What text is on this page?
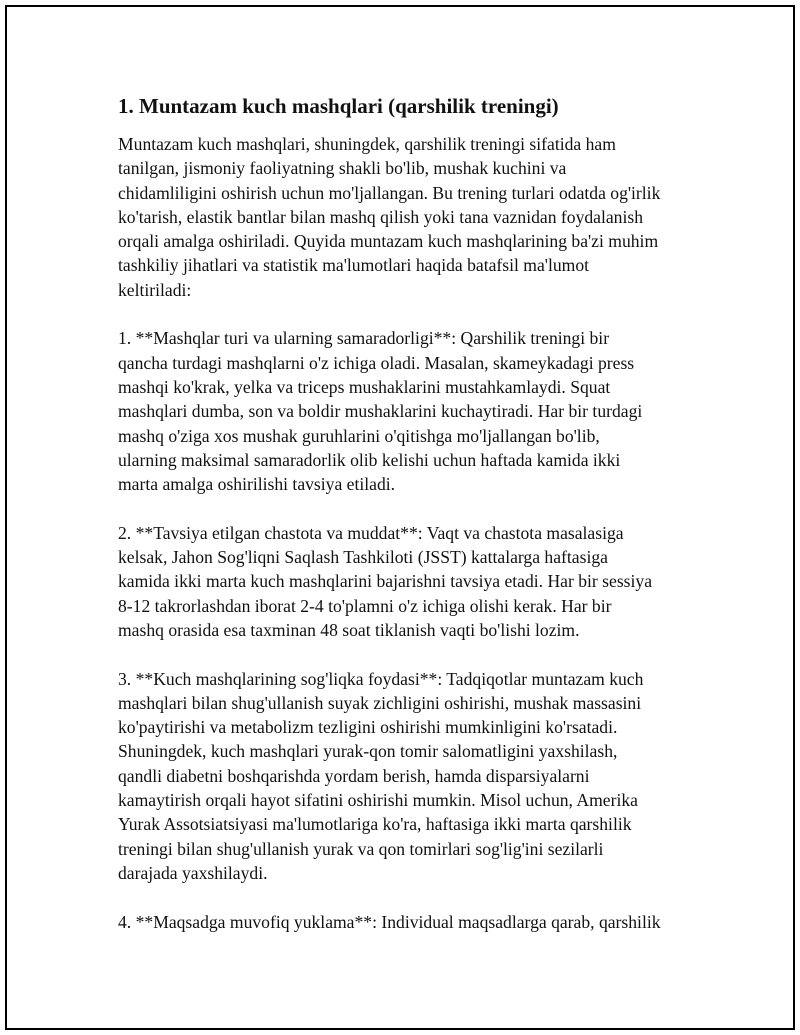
1. Muntazam kuch mashqlari (qarshilik treningi)

Muntazam kuch mashqlari, shuningdek, qarshilik treningi sifatida ham
tanilgan, jismoniy faoliyatning shakli bo'lib, mushak kuchini va
chidamliligini oshirish uchun mo'ljallangan. Bu trening turlari odatda og'irlik
ko'tarish, elastik bantlar bilan mashq qilish yoki tana vaznidan foydalanish
orqali amalga oshiriladi. Quyida muntazam kuch mashqlarining ba'zi muhim
tashkiliy jihatlari va statistik ma'lumotlari haqida batafsil ma'lumot
keltiriladi:

1. **Mashqlar turi va ularning samaradorligi**: Qarshilik treningi bir
qancha turdagi mashqlarni o'z ichiga oladi. Masalan, skameykadagi press
mashqi ko'krak, yelka va triceps mushaklarini mustahkamlaydi. Squat
mashqlari dumba, son va boldir mushaklarini kuchaytiradi. Har bir turdagi
mashq o'ziga xos mushak guruhlarini o'qitishga mo'ljallangan bo'lib,
ularning maksimal samaradorlik olib kelishi uchun haftada kamida ikki
marta amalga oshirilishi tavsiya etiladi.

2. **Tavsiya etilgan chastota va muddat**: Vaqt va chastota masalasiga
kelsak, Jahon Sog'liqni Saqlash Tashkiloti (JSST) kattalarga haftasiga
kamida ikki marta kuch mashqlarini bajarishni tavsiya etadi. Har bir sessiya
8-12 takrorlashdan iborat 2-4 to'plamni o'z ichiga olishi kerak. Har bir
mashq orasida esa taxminan 48 soat tiklanish vaqti bo'lishi lozim.

3. **Kuch mashqlarining sog'liqka foydasi**: Tadqiqotlar muntazam kuch
mashqlari bilan shug'ullanish suyak zichligini oshirishi, mushak massasini
ko'paytirishi va metabolizm tezligini oshirishi mumkinligini ko'rsatadi.
Shuningdek, kuch mashqlari yurak-qon tomir salomatligini yaxshilash,
qandli diabetni boshqarishda yordam berish, hamda disparsiyalarni
kamaytirish orqali hayot sifatini oshirishi mumkin. Misol uchun, Amerika
Yurak Assotsiatsiyasi ma'lumotlariga ko'ra, haftasiga ikki marta qarshilik
treningi bilan shug'ullanish yurak va qon tomirlari sog'lig'ini sezilarli
darajada yaxshilaydi.

4. **Maqsadga muvofiq yuklama**: Individual maqsadlarga qarab, qarshilik
